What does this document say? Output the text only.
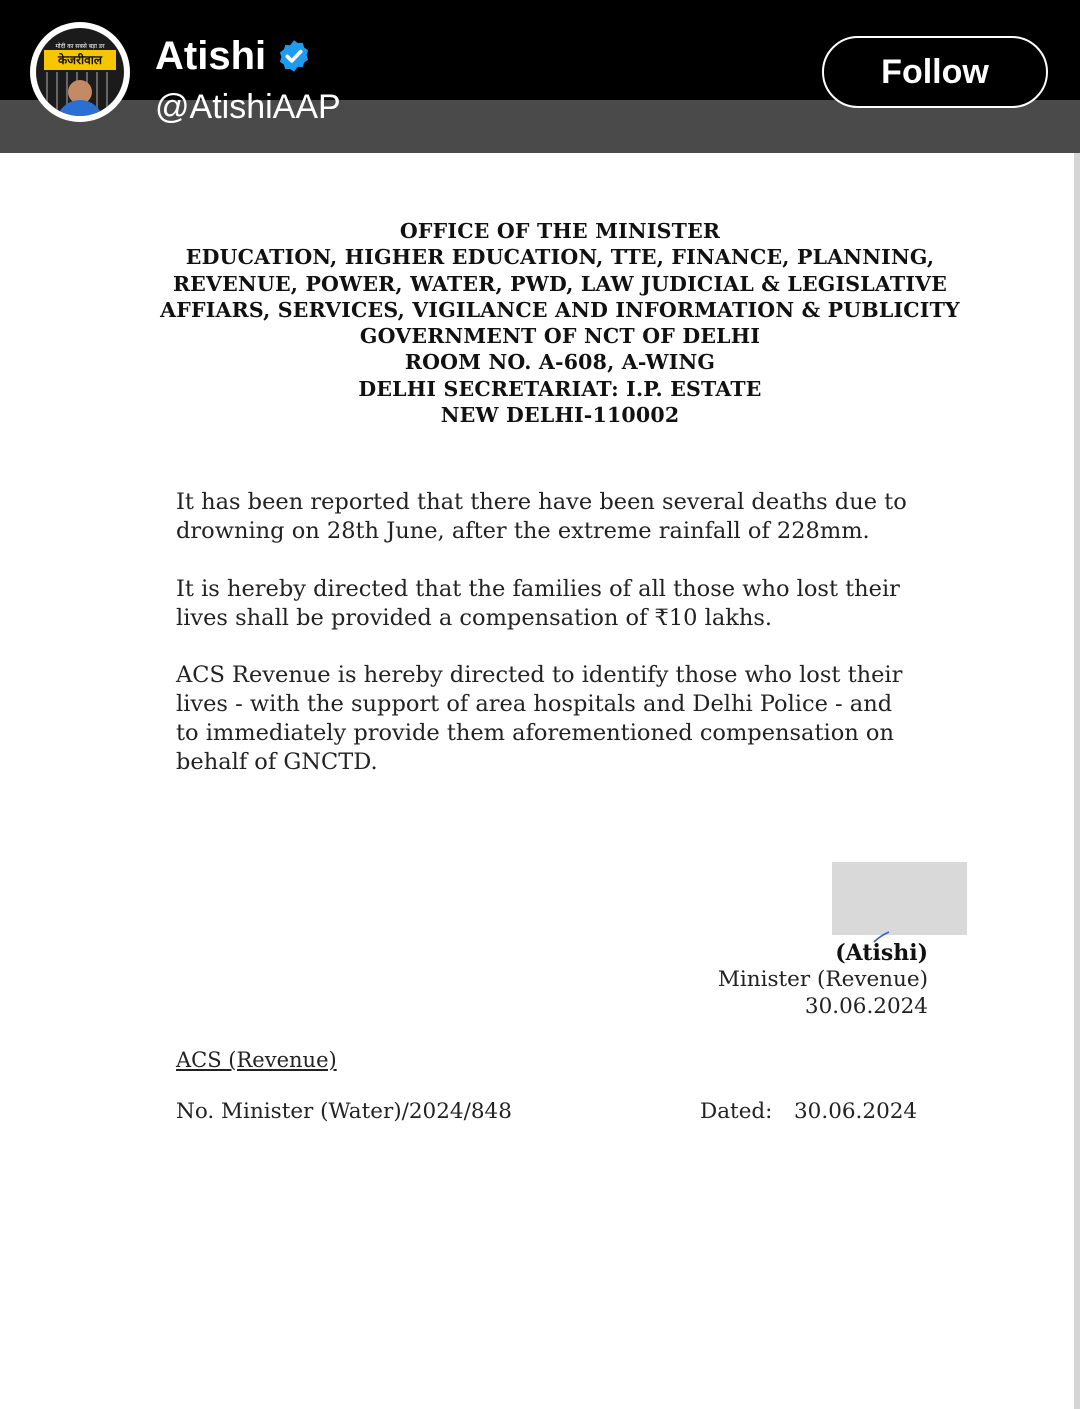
मोदी का सबसे बड़ा डर
केजरीवाल	Atishi
@AtishiAAP
Follow
OFFICE OF THE MINISTER
EDUCATION, HIGHER EDUCATION, TTE, FINANCE, PLANNING,
REVENUE, POWER, WATER, PWD, LAW JUDICIAL & LEGISLATIVE
AFFIARS, SERVICES, VIGILANCE AND INFORMATION & PUBLICITY
GOVERNMENT OF NCT OF DELHI
ROOM NO. A-608, A-WING
DELHI SECRETARIAT: I.P. ESTATE
NEW DELHI-110002
It has been reported that there have been several deaths due to
drowning on 28th June, after the extreme rainfall of 228mm.
It is hereby directed that the families of all those who lost their
lives shall be provided a compensation of ₹10 lakhs.
ACS Revenue is hereby directed to identify those who lost their
lives - with the support of area hospitals and Delhi Police - and
to immediately provide them aforementioned compensation on
behalf of GNCTD.
(Atishi)
Minister (Revenue)
30.06.2024
ACS (Revenue)
No. Minister (Water)/2024/848	Dated: 30.06.2024
